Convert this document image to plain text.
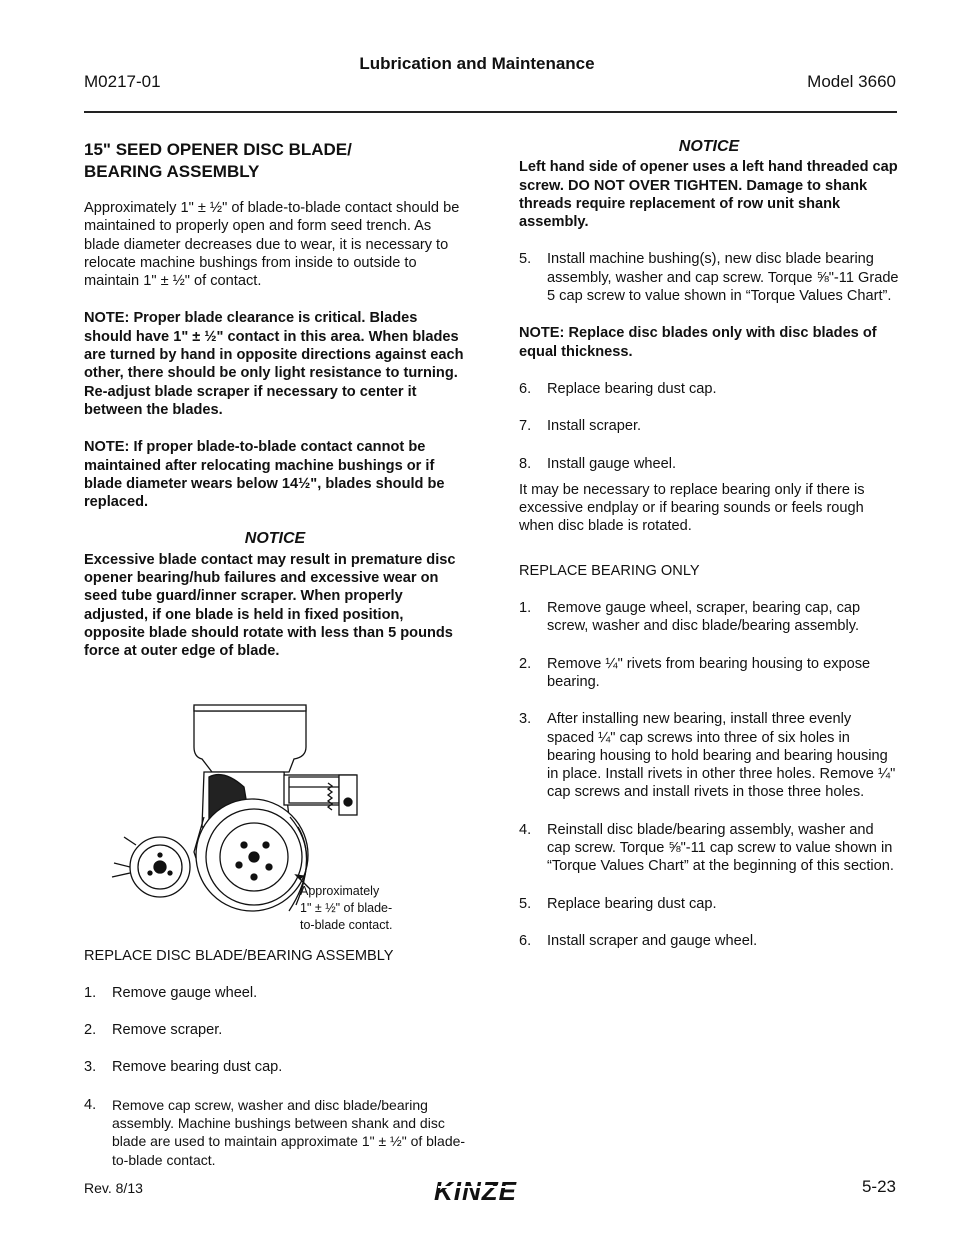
Lubrication and Maintenance
M0217-01	Model 3660
15" SEED OPENER DISC BLADE/
BEARING ASSEMBLY

Approximately 1" ± ½" of blade-to-blade contact should be maintained to properly open and form seed trench. As blade diameter decreases due to wear, it is necessary to relocate machine bushings from inside to outside to maintain 1" ± ½" of contact.

NOTE: Proper blade clearance is critical. Blades should have 1" ± ½" contact in this area. When blades are turned by hand in opposite directions against each other, there should be only light resistance to turning. Re-adjust blade scraper if necessary to center it between the blades.

NOTE: If proper blade-to-blade contact cannot be maintained after relocating machine bushings or if blade diameter wears below 14½", blades should be replaced.

NOTICE

Excessive blade contact may result in premature disc opener bearing/hub failures and excessive wear on seed tube guard/inner scraper. When properly adjusted, if one blade is held in fixed position, opposite blade should rotate with less than 5 pounds force at outer edge of blade.

Approximately
1" ± ½" of blade-
to-blade contact.

REPLACE DISC BLADE/BEARING ASSEMBLY

1.	Remove gauge wheel.
2.	Remove scraper.
3.	Remove bearing dust cap.
4.	Remove cap screw, washer and disc blade/bearing assembly. Machine bushings between shank and disc blade are used to maintain approximate 1" ± ½" of blade-to-blade contact.
NOTICE

Left hand side of opener uses a left hand threaded cap screw. DO NOT OVER TIGHTEN. Damage to shank threads require replacement of row unit shank assembly.

5.	Install machine bushing(s), new disc blade bearing assembly, washer and cap screw. Torque ⅝"-11 Grade 5 cap screw to value shown in “Torque Values Chart”.

NOTE: Replace disc blades only with disc blades of equal thickness.

6.	Replace bearing dust cap.
7.	Install scraper.
8.	Install gauge wheel.

It may be necessary to replace bearing only if there is excessive endplay or if bearing sounds or feels rough when disc blade is rotated.

REPLACE BEARING ONLY

1.	Remove gauge wheel, scraper, bearing cap, cap screw, washer and disc blade/bearing assembly.
2.	Remove ¼" rivets from bearing housing to expose bearing.
3.	After installing new bearing, install three evenly spaced ¼" cap screws into three of six holes in bearing housing to hold bearing and bearing housing in place. Install rivets in other three holes. Remove ¼" cap screws and install rivets in those three holes.
4.	Reinstall disc blade/bearing assembly, washer and cap screw. Torque ⅝"-11 cap screw to value shown in “Torque Values Chart” at the beginning of this section.
5.	Replace bearing dust cap.
6.	Install scraper and gauge wheel.
Rev. 8/13	KINZE	5-23
